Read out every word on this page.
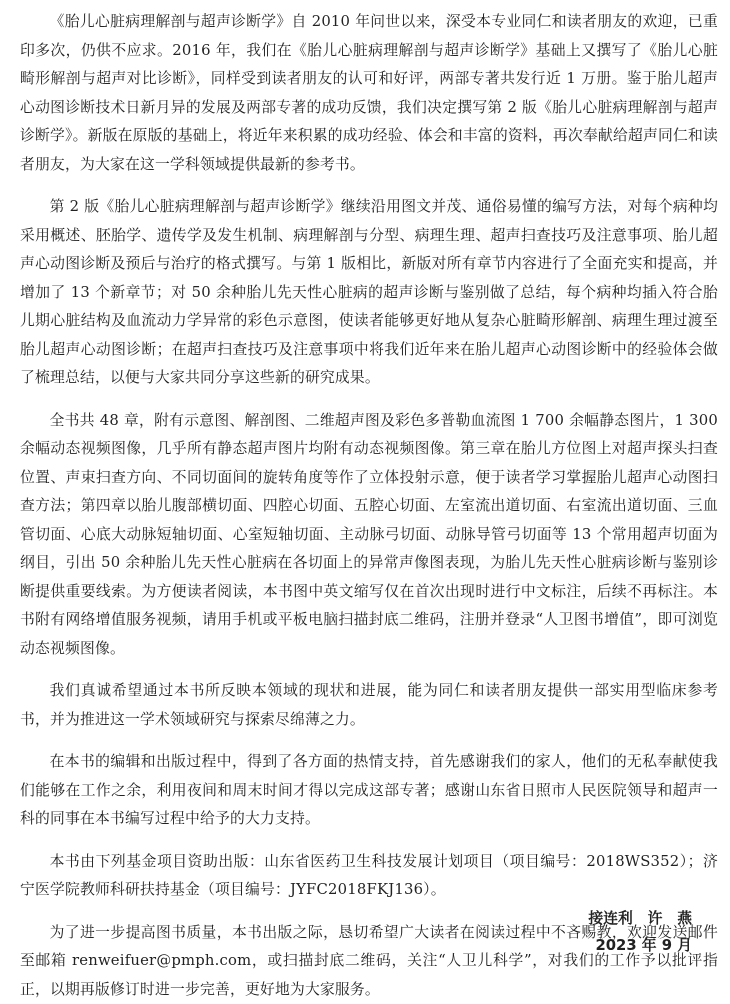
《胎儿心脏病理解剖与超声诊断学》自 2010 年问世以来，深受本专业同仁和读者朋友的欢迎，已重印多次，仍供不应求。2016 年，我们在《胎儿心脏病理解剖与超声诊断学》基础上又撰写了《胎儿心脏畸形解剖与超声对比诊断》，同样受到读者朋友的认可和好评，两部专著共发行近 1 万册。鉴于胎儿超声心动图诊断技术日新月异的发展及两部专著的成功反馈，我们决定撰写第 2 版《胎儿心脏病理解剖与超声诊断学》。新版在原版的基础上，将近年来积累的成功经验、体会和丰富的资料，再次奉献给超声同仁和读者朋友，为大家在这一学科领域提供最新的参考书。

第 2 版《胎儿心脏病理解剖与超声诊断学》继续沿用图文并茂、通俗易懂的编写方法，对每个病种均采用概述、胚胎学、遗传学及发生机制、病理解剖与分型、病理生理、超声扫查技巧及注意事项、胎儿超声心动图诊断及预后与治疗的格式撰写。与第 1 版相比，新版对所有章节内容进行了全面充实和提高，并增加了 13 个新章节；对 50 余种胎儿先天性心脏病的超声诊断与鉴别做了总结，每个病种均插入符合胎儿期心脏结构及血流动力学异常的彩色示意图，使读者能够更好地从复杂心脏畸形解剖、病理生理过渡至胎儿超声心动图诊断；在超声扫查技巧及注意事项中将我们近年来在胎儿超声心动图诊断中的经验体会做了梳理总结，以便与大家共同分享这些新的研究成果。

全书共 48 章，附有示意图、解剖图、二维超声图及彩色多普勒血流图 1 700 余幅静态图片，1 300 余幅动态视频图像，几乎所有静态超声图片均附有动态视频图像。第三章在胎儿方位图上对超声探头扫查位置、声束扫查方向、不同切面间的旋转角度等作了立体投射示意，便于读者学习掌握胎儿超声心动图扫查方法；第四章以胎儿腹部横切面、四腔心切面、五腔心切面、左室流出道切面、右室流出道切面、三血管切面、心底大动脉短轴切面、心室短轴切面、主动脉弓切面、动脉导管弓切面等 13 个常用超声切面为纲目，引出 50 余种胎儿先天性心脏病在各切面上的异常声像图表现，为胎儿先天性心脏病诊断与鉴别诊断提供重要线索。为方便读者阅读，本书图中英文缩写仅在首次出现时进行中文标注，后续不再标注。本书附有网络增值服务视频，请用手机或平板电脑扫描封底二维码，注册并登录“人卫图书增值”，即可浏览动态视频图像。

我们真诚希望通过本书所反映本领域的现状和进展，能为同仁和读者朋友提供一部实用型临床参考书，并为推进这一学术领域研究与探索尽绵薄之力。

在本书的编辑和出版过程中，得到了各方面的热情支持，首先感谢我们的家人，他们的无私奉献使我们能够在工作之余，利用夜间和周末时间才得以完成这部专著；感谢山东省日照市人民医院领导和超声一科的同事在本书编写过程中给予的大力支持。

本书由下列基金项目资助出版：山东省医药卫生科技发展计划项目（项目编号：2018WS352）；济宁医学院教师科研扶持基金（项目编号：JYFC2018FKJ136）。

为了进一步提高图书质量，本书出版之际，恳切希望广大读者在阅读过程中不吝赐教，欢迎发送邮件至邮箱 renweifuer@pmph.com，或扫描封底二维码，关注“人卫儿科学”，对我们的工作予以批评指正，以期再版修订时进一步完善，更好地为大家服务。

接连利　许　燕
2023 年 9 月
